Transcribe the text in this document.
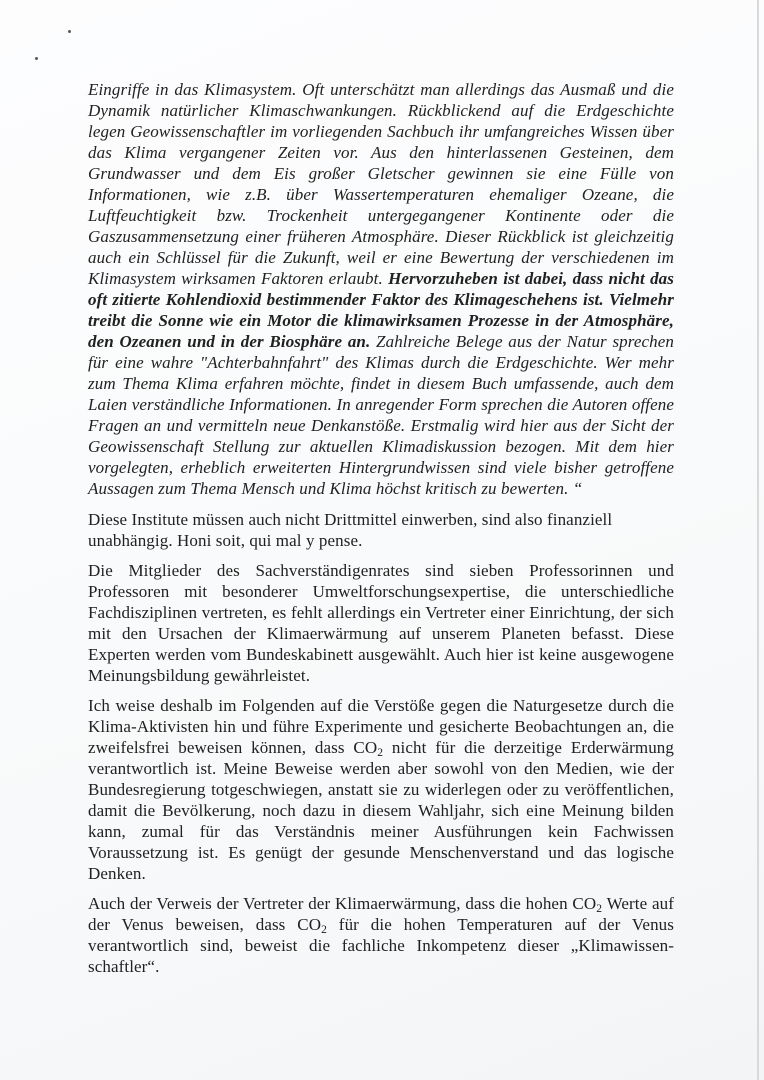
Eingriffe in das Klimasystem. Oft unterschätzt man allerdings das Ausmaß und die Dynamik natürlicher Klimaschwankungen. Rückblickend auf die Erdgeschichte legen Geowissenschaftler im vorliegenden Sachbuch ihr umfangreiches Wissen über das Klima vergangener Zeiten vor. Aus den hinterlassenen Gesteinen, dem Grundwasser und dem Eis großer Gletscher gewinnen sie eine Fülle von Informationen, wie z.B. über Wassertemperaturen ehemaliger Ozeane, die Luftfeuchtigkeit bzw. Trockenheit untergegangener Kontinente oder die Gaszusammensetzung einer früheren Atmosphäre. Dieser Rückblick ist gleichzeitig auch ein Schlüssel für die Zukunft, weil er eine Bewertung der verschiedenen im Klimasystem wirksamen Faktoren erlaubt. Hervorzuheben ist dabei, dass nicht das oft zitierte Kohlendioxid bestimmender Faktor des Klimageschehens ist. Vielmehr treibt die Sonne wie ein Motor die klimawirksamen Prozesse in der Atmosphäre, den Ozeanen und in der Biosphäre an. Zahlreiche Belege aus der Natur sprechen für eine wahre "Achterbahnfahrt" des Klimas durch die Erdgeschichte. Wer mehr zum Thema Klima erfahren möchte, findet in diesem Buch umfassende, auch dem Laien verständliche Informationen. In anregender Form sprechen die Autoren offene Fragen an und vermitteln neue Denkanstöße. Erstmalig wird hier aus der Sicht der Geowissenschaft Stellung zur aktuellen Klimadiskussion bezogen. Mit dem hier vorgelegten, erheblich erweiterten Hintergrundwissen sind viele bisher getroffene Aussagen zum Thema Mensch und Klima höchst kritisch zu bewerten. “

Diese Institute müssen auch nicht Drittmittel einwerben, sind also finanziell unabhängig. Honi soit, qui mal y pense.

Die Mitglieder des Sachverständigenrates sind sieben Professorinnen und Professoren mit besonderer Umweltforschungsexpertise, die unterschiedliche Fachdisziplinen vertreten, es fehlt allerdings ein Vertreter einer Einrichtung, der sich mit den Ursachen der Klimaerwärmung auf unserem Planeten befasst. Diese Experten werden vom Bundeskabinett ausgewählt. Auch hier ist keine ausgewogene Meinungsbildung gewährleistet.

Ich weise deshalb im Folgenden auf die Verstöße gegen die Naturgesetze durch die Klima-Aktivisten hin und führe Experimente und gesicherte Beobachtungen an, die zweifelsfrei beweisen können, dass $CO_2$ nicht für die derzeitige Erderwärmung verantwortlich ist. Meine Beweise werden aber sowohl von den Medien, wie der Bundesregierung totgeschwiegen, anstatt sie zu widerlegen oder zu veröffentlichen, damit die Bevölkerung, noch dazu in diesem Wahljahr, sich eine Meinung bilden kann, zumal für das Verständnis meiner Ausführungen kein Fachwissen Voraussetzung ist. Es genügt der gesunde Menschenverstand und das logische Denken.

Auch der Verweis der Vertreter der Klimaerwärmung, dass die hohen $CO_2$ Werte auf der Venus beweisen, dass $CO_2$ für die hohen Temperaturen auf der Venus verantwortlich sind, beweist die fachliche Inkompetenz dieser „Klimawissen-schaftler“.
